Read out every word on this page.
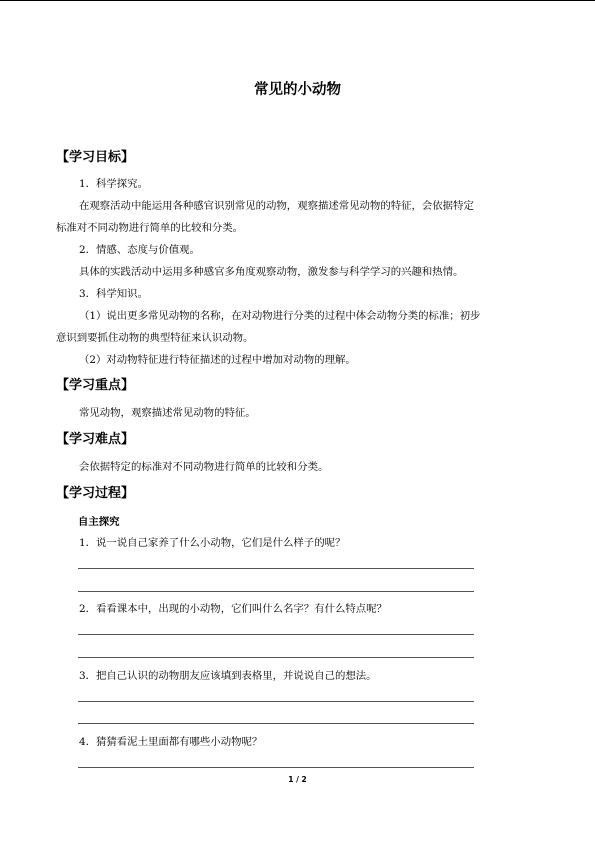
常见的小动物
【学习目标】
1．科学探究。
在观察活动中能运用各种感官识别常见的动物，观察描述常见动物的特征，会依据特定
标准对不同动物进行简单的比较和分类。
2．情感、态度与价值观。
具体的实践活动中运用多种感官多角度观察动物，激发参与科学学习的兴趣和热情。
3．科学知识。
（1）说出更多常见动物的名称，在对动物进行分类的过程中体会动物分类的标准；初步
意识到要抓住动物的典型特征来认识动物。
（2）对动物特征进行特征描述的过程中增加对动物的理解。
【学习重点】
常见动物，观察描述常见动物的特征。
【学习难点】
会依据特定的标准对不同动物进行简单的比较和分类。
【学习过程】
自主探究
1．说一说自己家养了什么小动物，它们是什么样子的呢？
2．看看课本中，出现的小动物，它们叫什么名字？有什么特点呢？
3．把自己认识的动物朋友应该填到表格里，并说说自己的想法。
4．猜猜看泥土里面都有哪些小动物呢？
1 / 2
